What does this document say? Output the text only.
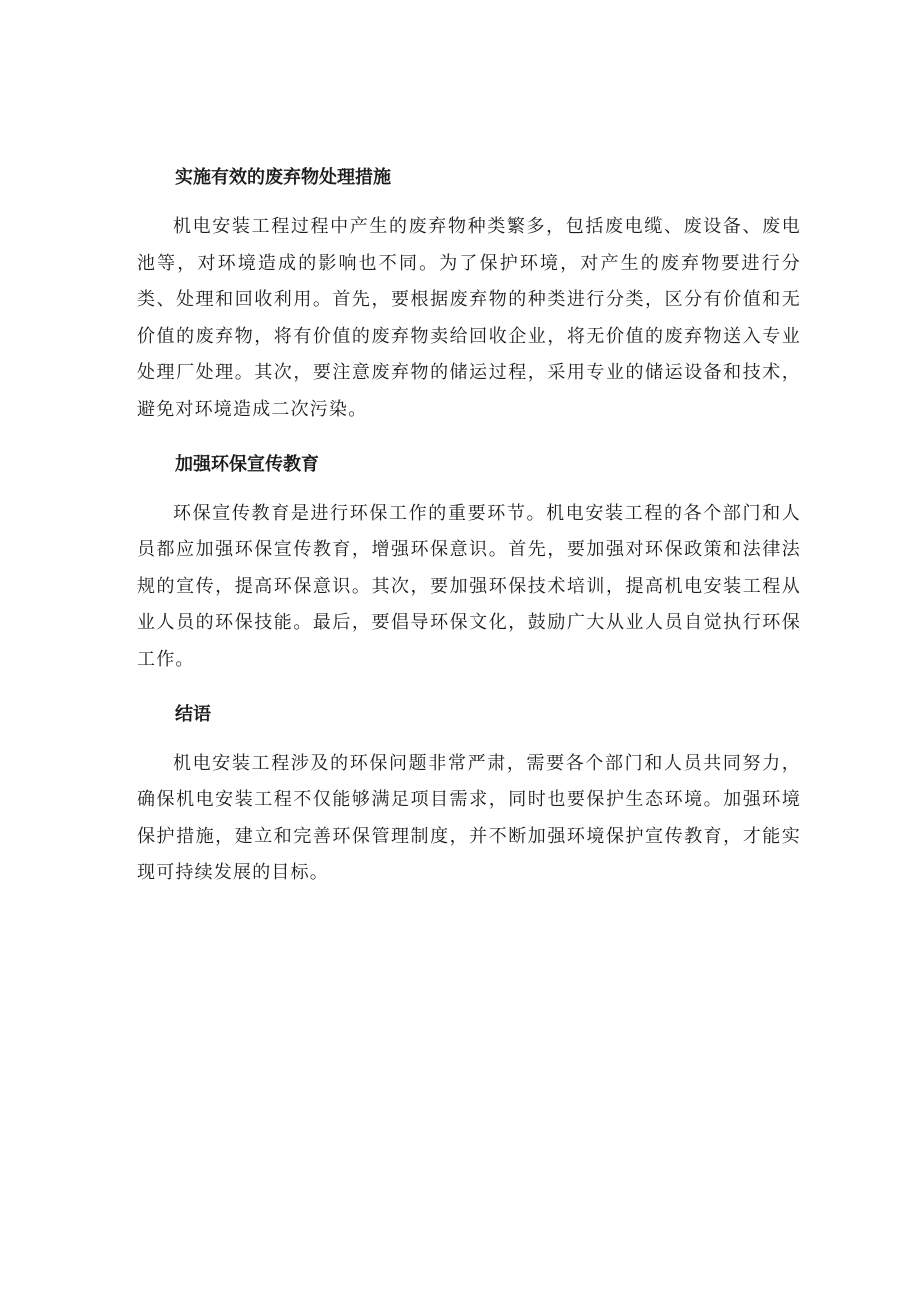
实施有效的废弃物处理措施

机电安装工程过程中产生的废弃物种类繁多，包括废电缆、废设备、废电池等，对环境造成的影响也不同。为了保护环境，对产生的废弃物要进行分类、处理和回收利用。首先，要根据废弃物的种类进行分类，区分有价值和无价值的废弃物，将有价值的废弃物卖给回收企业，将无价值的废弃物送入专业处理厂处理。其次，要注意废弃物的储运过程，采用专业的储运设备和技术，避免对环境造成二次污染。

加强环保宣传教育

环保宣传教育是进行环保工作的重要环节。机电安装工程的各个部门和人员都应加强环保宣传教育，增强环保意识。首先，要加强对环保政策和法律法规的宣传，提高环保意识。其次，要加强环保技术培训，提高机电安装工程从业人员的环保技能。最后，要倡导环保文化，鼓励广大从业人员自觉执行环保工作。

结语

机电安装工程涉及的环保问题非常严肃，需要各个部门和人员共同努力，确保机电安装工程不仅能够满足项目需求，同时也要保护生态环境。加强环境保护措施，建立和完善环保管理制度，并不断加强环境保护宣传教育，才能实现可持续发展的目标。
